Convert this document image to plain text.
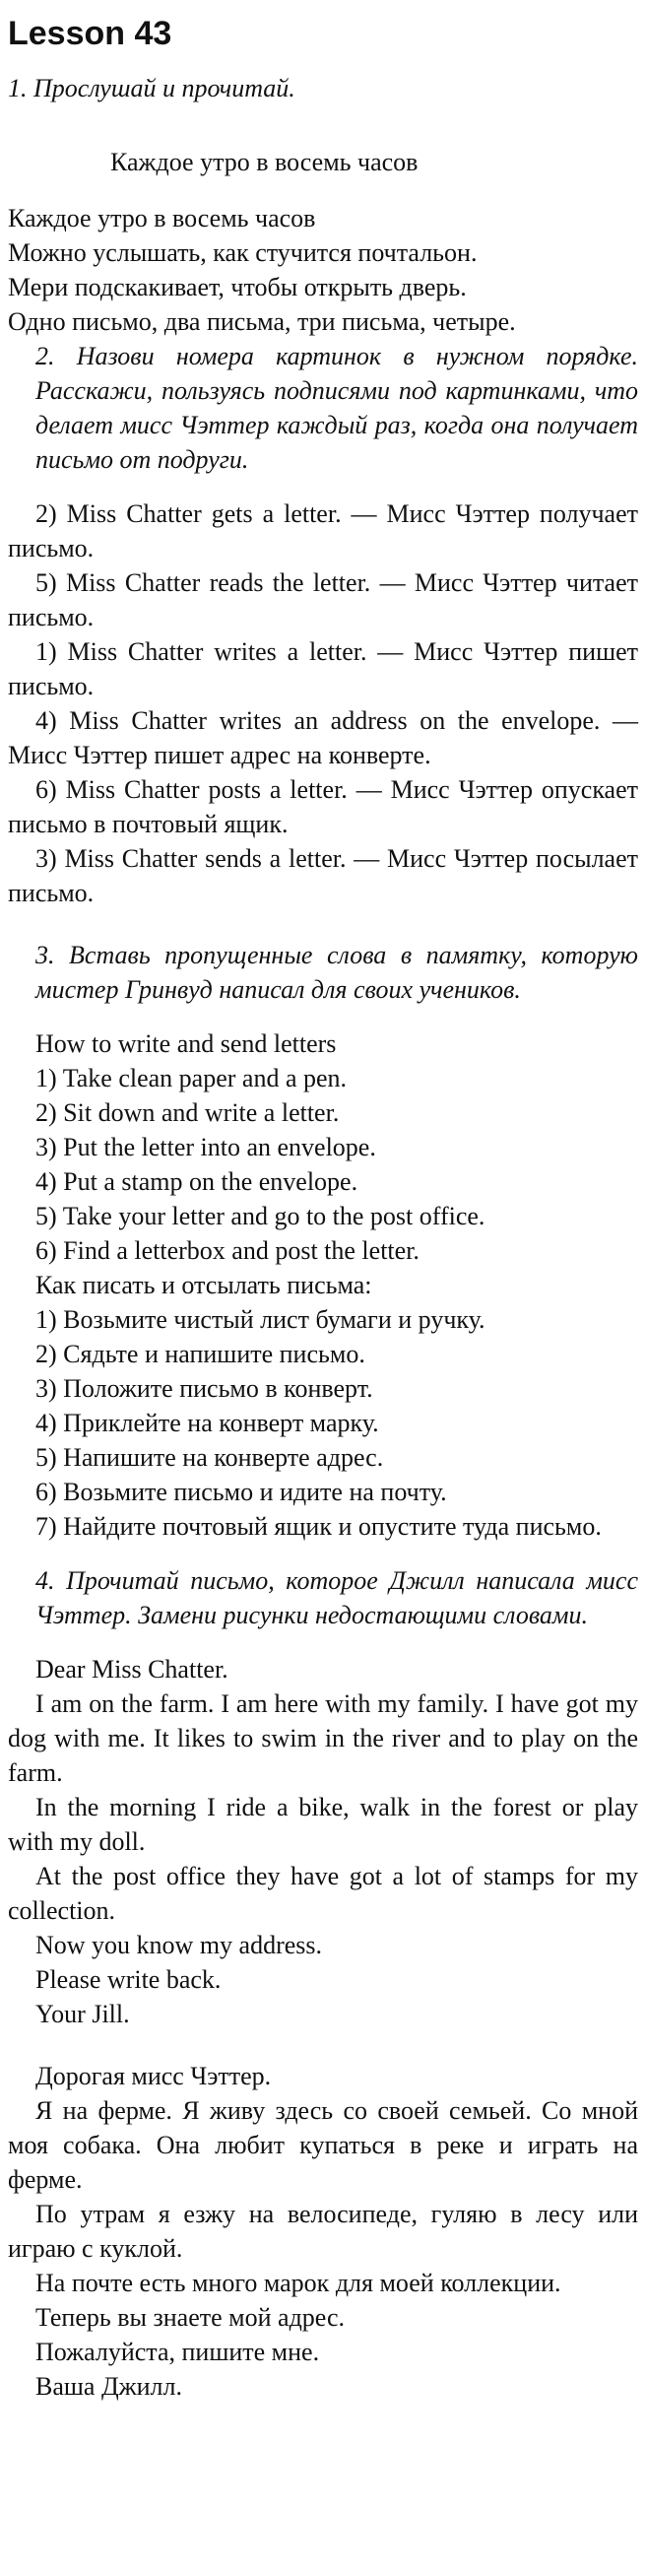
Lesson 43

1. Прослушай и прочитай.

Каждое утро в восемь часов

Каждое утро в восемь часов

Можно услышать, как стучится почтальон.

Мери подскакивает, чтобы открыть дверь.

Одно письмо, два письма, три письма, четыре.

2. Назови номера картинок в нужном порядке. Расскажи, пользуясь подписями под картинками, что делает мисс Чэттер каждый раз, когда она получает письмо от подруги.

2) Miss Chatter gets a letter. — Мисс Чэттер получает письмо.

5) Miss Chatter reads the letter. — Мисс Чэттер читает письмо.

1) Miss Chatter writes a letter. — Мисс Чэттер пишет письмо.

4) Miss Chatter writes an address on the envelope. — Мисс Чэттер пишет адрес на конверте.

6) Miss Chatter posts a letter. — Мисс Чэттер опускает письмо в почтовый ящик.

3) Miss Chatter sends a letter. — Мисс Чэттер посылает письмо.

3. Вставь пропущенные слова в памятку, которую мистер Гринвуд написал для своих учеников.

How to write and send letters

1) Take clean paper and a pen.

2) Sit down and write a letter.

3) Put the letter into an envelope.

4) Put a stamp on the envelope.

5) Take your letter and go to the post office.

6) Find a letterbox and post the letter.

Как писать и отсылать письма:

1) Возьмите чистый лист бумаги и ручку.

2) Сядьте и напишите письмо.

3) Положите письмо в конверт.

4) Приклейте на конверт марку.

5) Напишите на конверте адрес.

6) Возьмите письмо и идите на почту.

7) Найдите почтовый ящик и опустите туда письмо.

4. Прочитай письмо, которое Джилл написала мисс Чэттер. Замени рисунки недостающими словами.

Dear Miss Chatter.

I am on the farm. I am here with my family. I have got my dog with me. It likes to swim in the river and to play on the farm.

In the morning I ride a bike, walk in the forest or play with my doll.

At the post office they have got a lot of stamps for my collection.

Now you know my address.

Please write back.

Your Jill.

Дорогая мисс Чэттер.

Я на ферме. Я живу здесь со своей семьей. Со мной моя собака. Она любит купаться в реке и играть на ферме.

По утрам я езжу на велосипеде, гуляю в лесу или играю с куклой.

На почте есть много марок для моей коллекции.

Теперь вы знаете мой адрес.

Пожалуйста, пишите мне.

Ваша Джилл.
